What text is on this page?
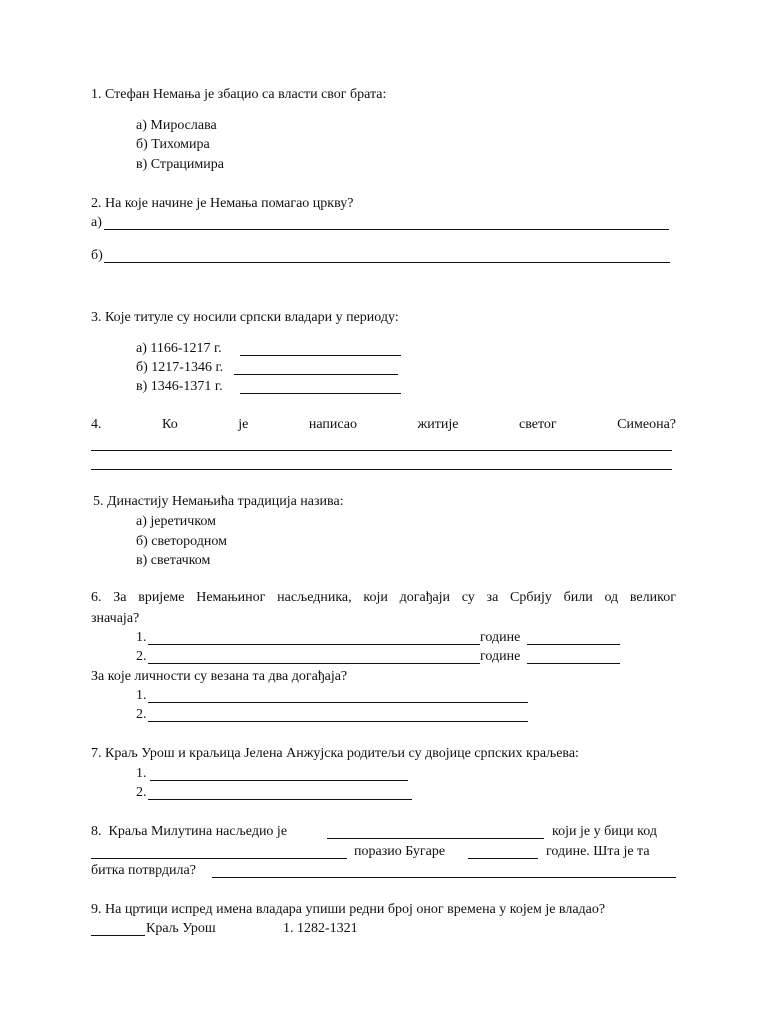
1. Стефан Немања је збацио са власти свог брата:
а) Мирослава
б) Тихомира
в) Страцимира
2. На које начине је Немања помагао цркву?
а)
б)
3. Које титуле су носили српски владари у периоду:
а) 1166-1217 г.
б) 1217-1346 г.
в) 1346-1371 г.
4.	Ко	је	написао	житије	светог	Симеона?
5. Династију Немањића традиција назива:
а) јеретичком
б) светородном
в) светачком
6. За вријеме Немањиног насљедника, који догађаји су за Србију били од великог
значаја?
1.	године
2.	године
За које личности су везана та два догађаја?
1.
2.
7. Краљ Урош и краљица Јелена Анжујска родитељи су двојице српских краљева:
1.
2.
8.  Краља Милутина насљедио је	који је у бици код
поразио Бугаре	године. Шта је та
битка потврдила?
9. На цртици испред имена владара упиши редни број оног времена у којем је владао?
Краљ Урош	1. 1282-1321
